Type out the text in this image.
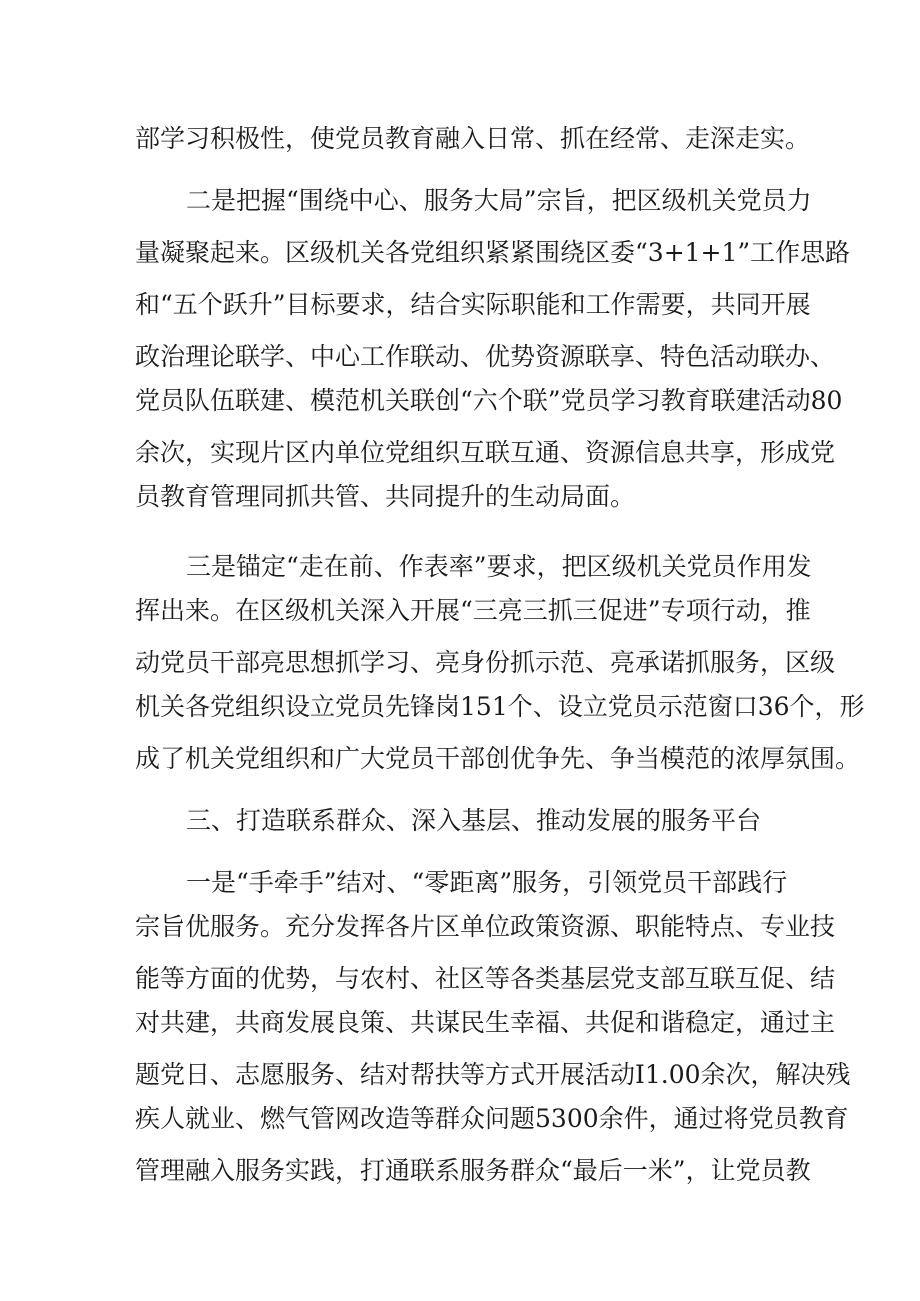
部学习积极性，使党员教育融入日常、抓在经常、走深走实。

二是把握“围绕中心、服务大局”宗旨，把区级机关党员力

量凝聚起来。区级机关各党组织紧紧围绕区委“3+1+1”工作思路

和“五个跃升”目标要求，结合实际职能和工作需要，共同开展

政治理论联学、中心工作联动、优势资源联享、特色活动联办、

党员队伍联建、模范机关联创“六个联”党员学习教育联建活动80

余次，实现片区内单位党组织互联互通、资源信息共享，形成党

员教育管理同抓共管、共同提升的生动局面。

三是锚定“走在前、作表率”要求，把区级机关党员作用发

挥出来。在区级机关深入开展“三亮三抓三促进”专项行动，推

动党员干部亮思想抓学习、亮身份抓示范、亮承诺抓服务，区级

机关各党组织设立党员先锋岗151个、设立党员示范窗口36个，形

成了机关党组织和广大党员干部创优争先、争当模范的浓厚氛围。

三、打造联系群众、深入基层、推动发展的服务平台

一是“手牵手”结对、“零距离”服务，引领党员干部践行

宗旨优服务。充分发挥各片区单位政策资源、职能特点、专业技

能等方面的优势，与农村、社区等各类基层党支部互联互促、结

对共建，共商发展良策、共谋民生幸福、共促和谐稳定，通过主

题党日、志愿服务、结对帮扶等方式开展活动I1.00余次，解决残

疾人就业、燃气管网改造等群众问题5300余件，通过将党员教育

管理融入服务实践，打通联系服务群众“最后一米”，让党员教
